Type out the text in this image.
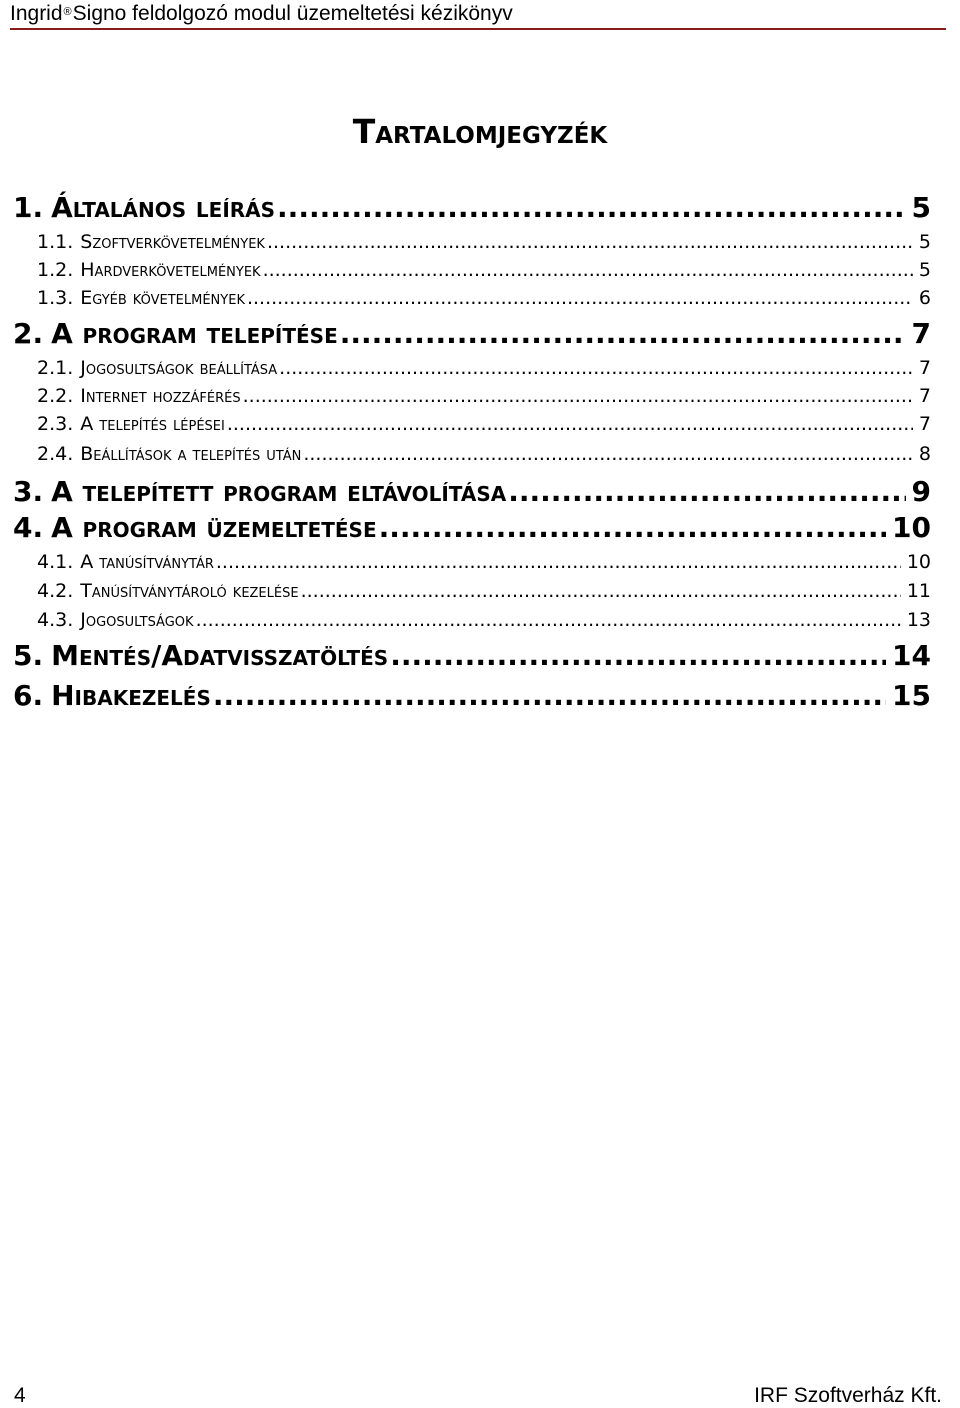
Ingrid®Signo feldolgozó modul üzemeltetési kézikönyv
Tartalomjegyzék
1. Általános leírás .....	5
1.1. Szoftverkövetelmények .....	5
1.2. Hardverkövetelmények .....	5
1.3. Egyéb követelmények .....	6
2. A program telepítése .....	7
2.1. Jogosultságok beállítása .....	7
2.2. Internet hozzáférés .....	7
2.3. A telepítés lépései .....	7
2.4. Beállítások a telepítés után .....	8
3. A telepített program eltávolítása .....	9
4. A program üzemeltetése .....	10
4.1. A tanúsítványtár .....	10
4.2. Tanúsítványtároló kezelése .....	11
4.3. Jogosultságok .....	13
5. Mentés/Adatvisszatöltés .....	14
6. Hibakezelés .....	15
4	IRF Szoftverház Kft.
